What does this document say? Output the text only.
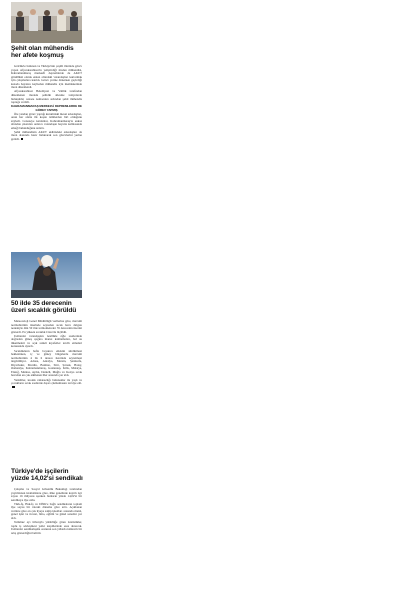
Şehit olan mühendis her afete koşmuş

Gölcük'te bulunan ve Türkiye'nin çeşitli illerinde görev yapan Afyonkarahisar'ın yetiştirdiği maden mühendisi, Kahramanmaraş merkezli depremlerde de AKUT gönüllüsü olarak enkaz altındaki vatandaşları kurtarmak için çalışmalara katıldı. Görev yerine dönerken geçirdiği kazada hayatını kaybeden mühendis için memleketinde tören düzenlendi.

Afyonkarahisar Belediyesi ve Valilik tarafından düzenlenen törende şehidin ailesine taziyelerde bulunuldu; cenaze namazının ardından şehit mühendis toprağa verildi.

KAHRAMANMARAŞ MERKEZLİ DEPREMLERDE DE GÖREV YAPMIŞ

Öte yandan görev yaptığı kurumdaki mesai arkadaşları, onun her afette ilk koşan isimlerden biri olduğunu söyledi. Cenazeye katılanlar, Kahramanmaraş'ta enkaz altından çıkarılan onlarca vatandaşın hayatta kalmasında emeği bulunduğunu anlattı.

Şehit mühendisin AKUT ekibindeki arkadaşları da tören alanında hazır bulunarak son görevlerini yerine getirdi.

50 ilde 35 derecenin üzeri sıcaklık görüldü

Meteoroloji Genel Müdürlüğü verilerine göre, mevsim normallerinin üzerinde seyreden sıcak hava dalgası nedeniyle dün 50 ilde termometreler 35 derecenin üzerini gösterdi. En yüksek sıcaklık Cizre'de ölçüldü.

Uzmanlar vatandaşları özellikle öğle saatlerinde doğrudan güneş ışığına maruz kalmamaları, bol su tüketmeleri ve açık renkli kıyafetler tercih etmeleri konusunda uyardı.

Sıcaklıkların hafta boyunca etkisini sürdürmesi beklenirken, iç ve güney bölgelerde mevsim normallerinin 4 ila 6 derece üzerinde seyretmesi öngörülüyor. Adana, Antalya, Mersin, Şanlıurfa, Diyarbakır, Mardin, Batman, Siirt, Şırnak, Hatay, Osmaniye, Kahramanmaraş, Gaziantep, Kilis, Malatya, Elazığ, Manisa, Aydın, Denizli, Muğla ve Konya sıcak havadan en çok etkilenen iller arasında yer aldı.

Yetkililer, kronik rahatsızlığı bulunanlar ile yaşlı ve çocukların sıcak saatlerde dışarı çıkmamasını tavsiye etti.

Türkiye'de işçilerin yüzde 14,02'si sendikalı

Çalışma ve Sosyal Güvenlik Bakanlığı tarafından yayımlanan istatistiklere göre, ülke genelinde kayıtlı işçi sayısı 16 milyonu aşarken bunların yüzde 14,02'si bir sendikaya üye oldu.

Türk-İş, Hak-İş ve DİSK'e bağlı sendikaların toplam üye sayısı bir önceki döneme göre arttı. Açıklanan verilere göre en çok üyeye sahip işkolları arasında metal, genel işler ve ticaret, büro, eğitim ve güzel sanatlar yer aldı.

Temmuz ayı itibarıyla yürürlüğe giren istatistikler, toplu iş sözleşmesi yetki tespitlerinde esas alınacak. Uzmanlar sendikalaşma oranının son yıllarda istikrarlı bir artış gösterdiğini belirtti.
